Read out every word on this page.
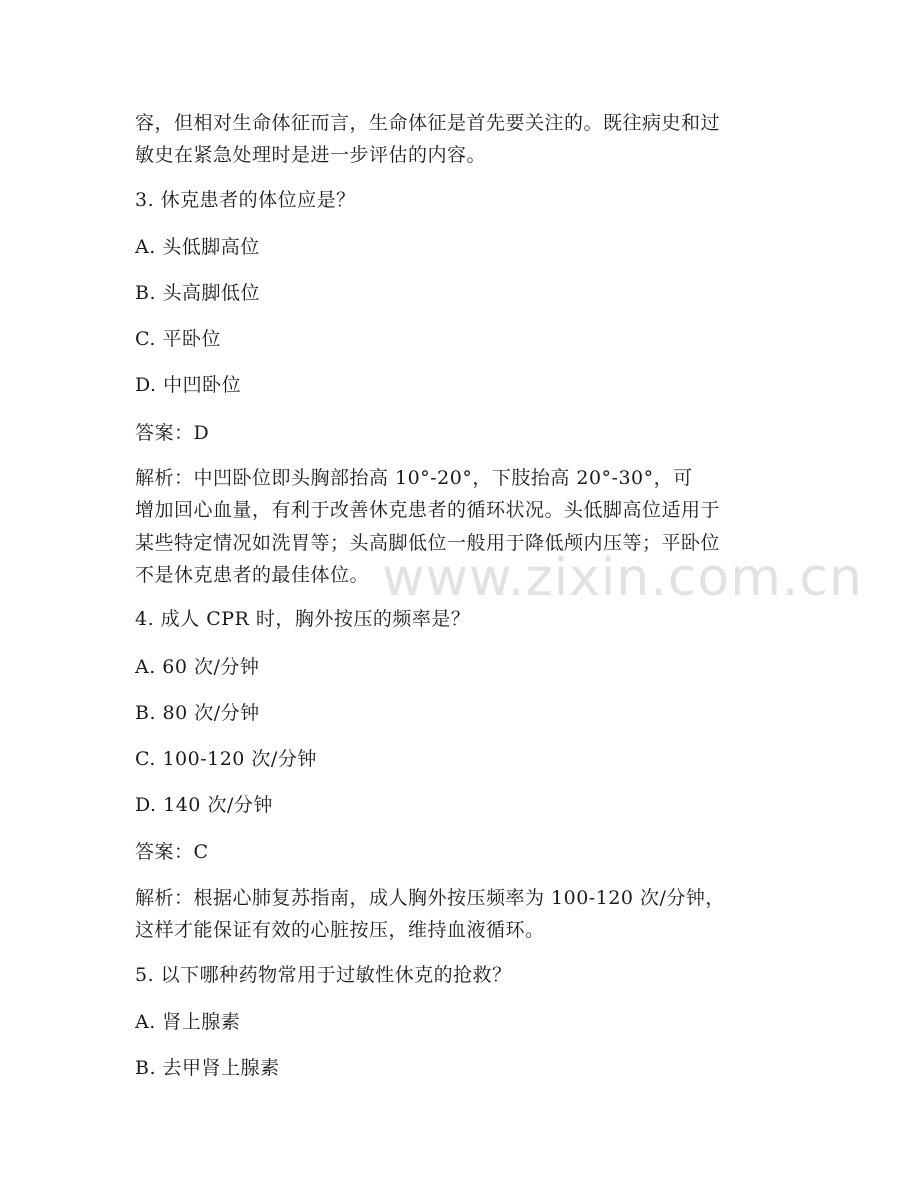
容，但相对生命体征而言，生命体征是首先要关注的。既往病史和过
敏史在紧急处理时是进一步评估的内容。
3. 休克患者的体位应是？
A. 头低脚高位
B. 头高脚低位
C. 平卧位
D. 中凹卧位
答案：D
解析：中凹卧位即头胸部抬高 10°-20°，下肢抬高 20°-30°，可
增加回心血量，有利于改善休克患者的循环状况。头低脚高位适用于
某些特定情况如洗胃等；头高脚低位一般用于降低颅内压等；平卧位
不是休克患者的最佳体位。
4. 成人 CPR 时，胸外按压的频率是？
A. 60 次/分钟
B. 80 次/分钟
C. 100-120 次/分钟
D. 140 次/分钟
答案：C
解析：根据心肺复苏指南，成人胸外按压频率为 100-120 次/分钟，
这样才能保证有效的心脏按压，维持血液循环。
5. 以下哪种药物常用于过敏性休克的抢救？
A. 肾上腺素
B. 去甲肾上腺素
www.zixin.com.cn
